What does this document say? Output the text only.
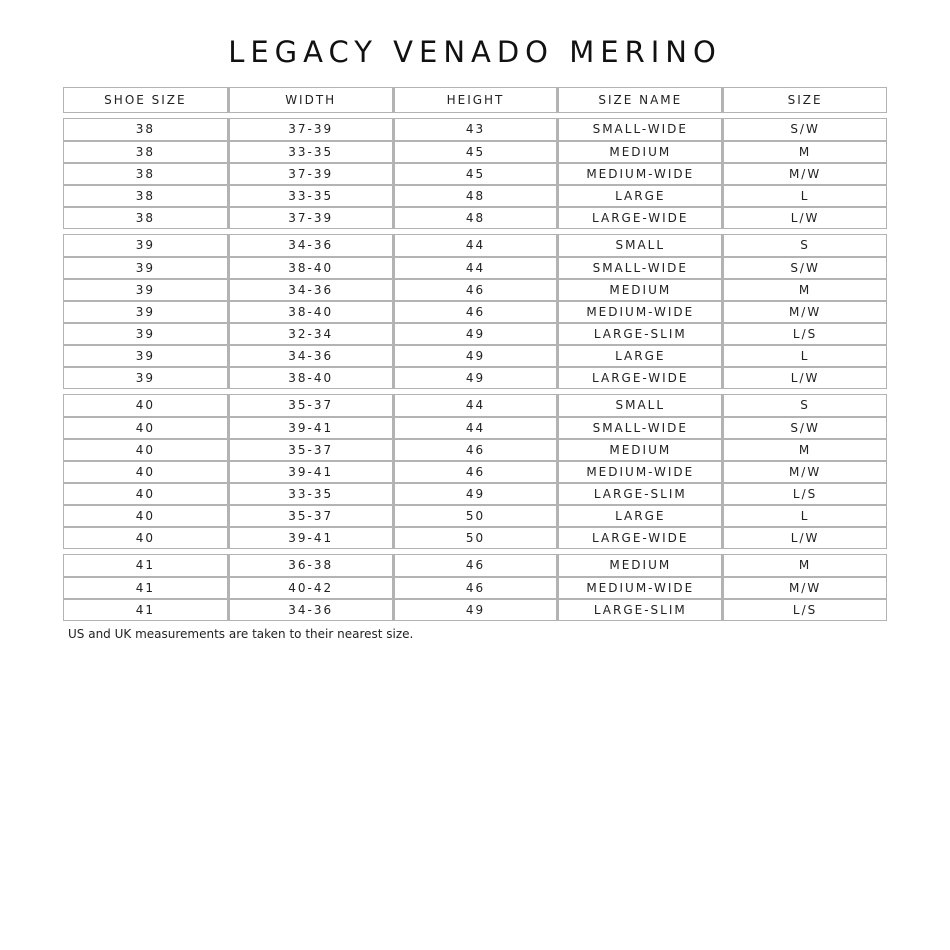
LEGACY VENADO MERINO
SHOE SIZE	WIDTH	HEIGHT	SIZE NAME	SIZE
38	37-39	43	SMALL-WIDE	S/W
38	33-35	45	MEDIUM	M
38	37-39	45	MEDIUM-WIDE	M/W
38	33-35	48	LARGE	L
38	37-39	48	LARGE-WIDE	L/W
39	34-36	44	SMALL	S
39	38-40	44	SMALL-WIDE	S/W
39	34-36	46	MEDIUM	M
39	38-40	46	MEDIUM-WIDE	M/W
39	32-34	49	LARGE-SLIM	L/S
39	34-36	49	LARGE	L
39	38-40	49	LARGE-WIDE	L/W
40	35-37	44	SMALL	S
40	39-41	44	SMALL-WIDE	S/W
40	35-37	46	MEDIUM	M
40	39-41	46	MEDIUM-WIDE	M/W
40	33-35	49	LARGE-SLIM	L/S
40	35-37	50	LARGE	L
40	39-41	50	LARGE-WIDE	L/W
41	36-38	46	MEDIUM	M
41	40-42	46	MEDIUM-WIDE	M/W
41	34-36	49	LARGE-SLIM	L/S
US and UK measurements are taken to their nearest size.
